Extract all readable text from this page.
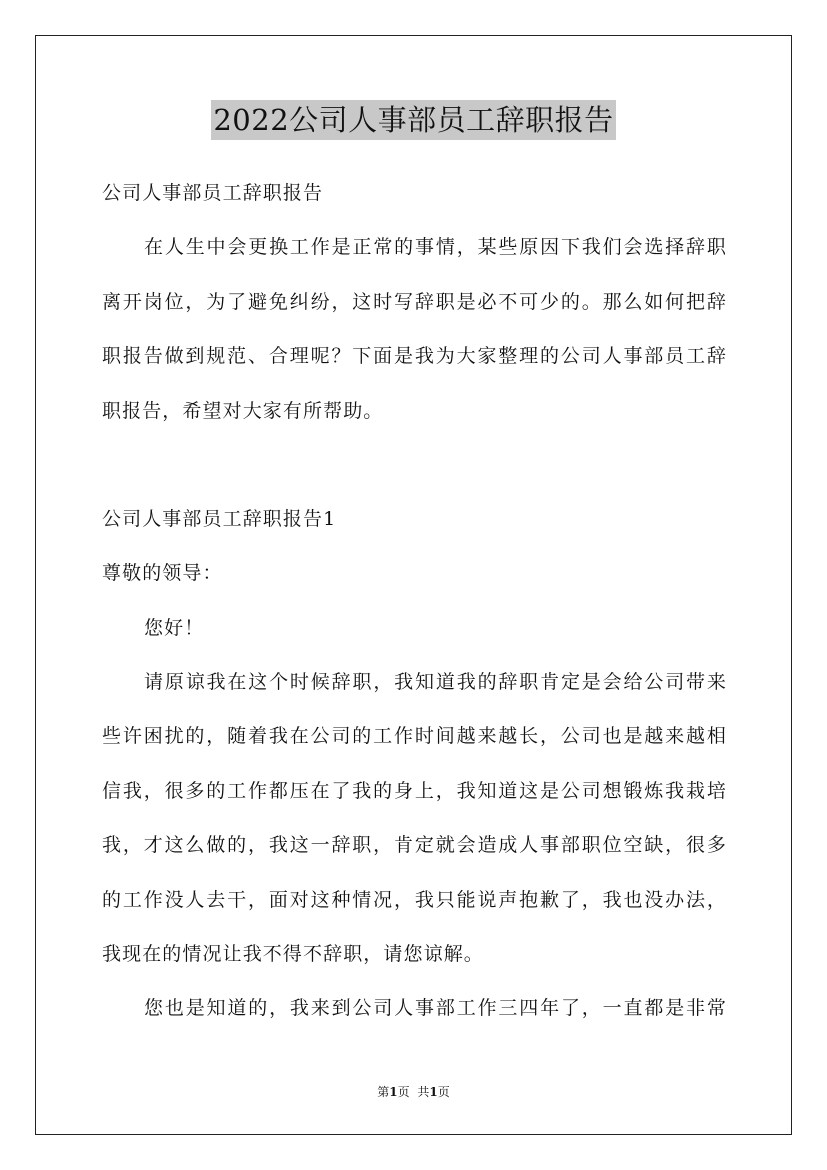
2022公司人事部员工辞职报告
公司人事部员工辞职报告
在人生中会更换工作是正常的事情，某些原因下我们会选择辞职
离开岗位，为了避免纠纷，这时写辞职是必不可少的。那么如何把辞
职报告做到规范、合理呢？下面是我为大家整理的公司人事部员工辞
职报告，希望对大家有所帮助。
公司人事部员工辞职报告1
尊敬的领导：
您好！
请原谅我在这个时候辞职，我知道我的辞职肯定是会给公司带来
些许困扰的，随着我在公司的工作时间越来越长，公司也是越来越相
信我，很多的工作都压在了我的身上，我知道这是公司想锻炼我栽培
我，才这么做的，我这一辞职，肯定就会造成人事部职位空缺，很多
的工作没人去干，面对这种情况，我只能说声抱歉了，我也没办法，
我现在的情况让我不得不辞职，请您谅解。
您也是知道的，我来到公司人事部工作三四年了，一直都是非常
第1页 共1页
